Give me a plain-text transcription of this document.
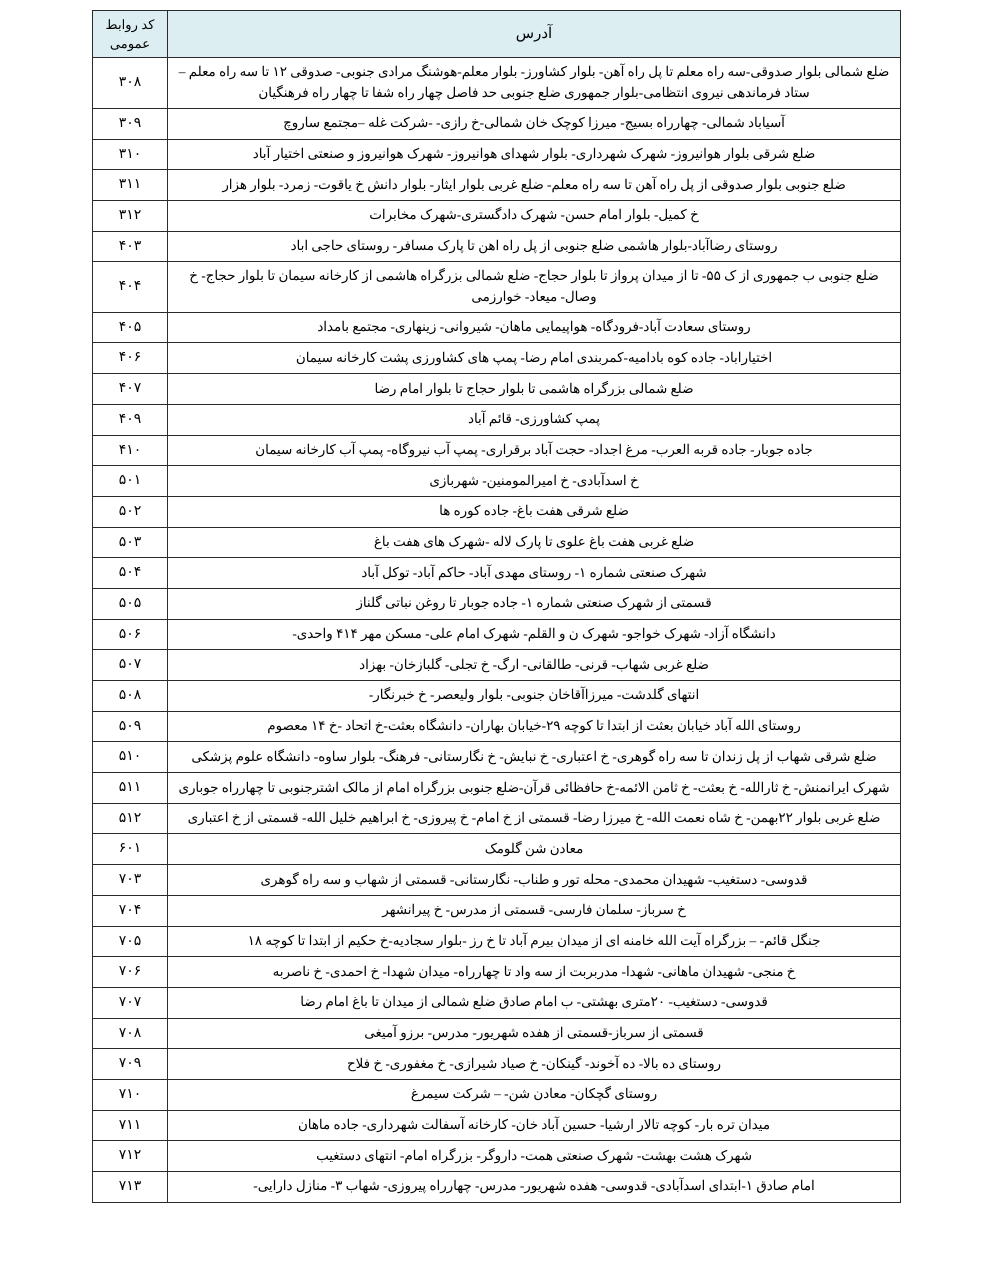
آدرس	کد روابط عمومی
ضلع شمالی بلوار صدوقی-سه راه معلم تا پل راه آهن- بلوار کشاورز- بلوار معلم-هوشنگ مرادی جنوبی- صدوقی ۱۲ تا سه راه معلم – ستاد فرماندهی نیروی انتظامی-بلوار جمهوری ضلع جنوبی حد فاصل چهار راه شفا تا چهار راه فرهنگیان	۳۰۸
آسیاباد شمالی- چهارراه بسیج- میرزا کوچک خان شمالی-خ رازی- -شرکت غله –مجتمع ساروچ	۳۰۹
ضلع شرقی بلوار هوانیروز- شهرک شهرداری- بلوار شهدای هوانیروز- شهرک هوانیروز و صنعتی اختیار آباد	۳۱۰
ضلع جنوبی بلوار صدوقی از پل راه آهن تا سه راه معلم- ضلع غربی بلوار ایثار- بلوار دانش خ یاقوت- زمرد- بلوار هزار	۳۱۱
خ کمیل- بلوار امام حسن- شهرک دادگستری-شهرک مخابرات	۳۱۲
روستای رضاآباد-بلوار هاشمی ضلع جنوبی از پل راه اهن تا پارک مسافر- روستای حاجی اباد	۴۰۳
ضلع جنوبی ب جمهوری از ک ۵۵- تا از میدان پرواز تا بلوار حجاج- ضلع شمالی بزرگراه هاشمی از کارخانه سیمان تا بلوار حجاج- خ وصال- میعاد- خوارزمی	۴۰۴
روستای سعادت آباد-فرودگاه- هواپیمایی ماهان- شیروانی- زینهاری- مجتمع بامداد	۴۰۵
اختیاراباد- جاده کوه بادامیه-کمربندی امام رضا- پمپ های کشاورزی پشت کارخانه سیمان	۴۰۶
ضلع شمالی بزرگراه هاشمی تا بلوار حجاج تا بلوار امام رضا	۴۰۷
پمپ کشاورزی- قائم آباد	۴۰۹
جاده جوبار- جاده قربه العرب- مرغ اجداد- حجت آباد برقراری- پمپ آب نیروگاه- پمپ آب کارخانه سیمان	۴۱۰
خ اسدآبادی- خ امیرالمومنین- شهربازی	۵۰۱
ضلع شرقی هفت باغ- جاده کوره ها	۵۰۲
ضلع غربی هفت باغ علوی تا پارک لاله -شهرک های هفت باغ	۵۰۳
شهرک صنعتی شماره ۱- روستای مهدی آباد- حاکم آباد- توکل آباد	۵۰۴
قسمتی از شهرک صنعتی شماره ۱- جاده جوبار تا روغن نباتی گلناز	۵۰۵
دانشگاه آزاد- شهرک خواجو- شهرک ن و القلم- شهرک امام علی- مسکن مهر ۴۱۴ واحدی-	۵۰۶
ضلع غربی شهاب- قرنی- طالقانی- ارگ- خ تجلی- گلبازخان- بهزاد	۵۰۷
انتهای گلدشت- میرزاآقاخان جنوبی- بلوار ولیعصر- خ خبرنگار-	۵۰۸
روستای الله آباد خیابان بعثت از ابتدا تا کوچه ۲۹-خیابان بهاران- دانشگاه بعثت-خ اتحاد -خ ۱۴ معصوم	۵۰۹
ضلع شرقی شهاب از پل زندان تا سه راه گوهری- خ اعتباری- خ نبایش- خ نگارستانی- فرهنگ- بلوار ساوه- دانشگاه علوم پزشکی	۵۱۰
شهرک ایرانمنش- خ ثارالله- خ بعثت- خ ثامن الائمه-خ حافظائی قرآن-ضلع جنوبی بزرگراه امام از مالک اشترجنوبی تا چهارراه جوباری	۵۱۱
ضلع غربی بلوار ۲۲بهمن- خ شاه نعمت الله- خ میرزا رضا- قسمتی از خ امام- خ پیروزی- خ ابراهیم خلیل الله- قسمتی از خ اعتباری	۵۱۲
معادن شن گلومک	۶۰۱
قدوسی- دستغیب- شهیدان محمدی- محله تور و طناب- نگارستانی- قسمتی از شهاب و سه راه گوهری	۷۰۳
خ سرباز- سلمان فارسی- قسمتی از مدرس- خ پیرانشهر	۷۰۴
جنگل قائم- – بزرگراه آیت الله خامنه ای از میدان بیرم آباد تا خ رز -بلوار سجادیه-خ حکیم از ابتدا تا کوچه ۱۸	۷۰۵
خ منجی- شهیدان ماهانی- شهدا- مدربربت از سه واد تا چهارراه- میدان شهدا- خ احمدی- خ ناصربه	۷۰۶
قدوسی- دستغیب- ۲۰متری بهشتی- ب امام صادق ضلع شمالی از میدان تا باغ امام رضا	۷۰۷
قسمتی از سرباز-قسمتی از هفده شهریور- مدرس- برزو آمیغی	۷۰۸
روستای ده بالا- ده آخوند- گینکان- خ صیاد شیرازی- خ مغفوری- خ فلاح	۷۰۹
روستای گچکان- معادن شن- – شرکت سیمرغ	۷۱۰
میدان تره بار- کوچه تالار ارشیا- حسین آباد خان- کارخانه آسفالت شهرداری- جاده ماهان	۷۱۱
شهرک هشت بهشت- شهرک صنعتی همت- داروگر- بزرگراه امام- انتهای دستغیب	۷۱۲
امام صادق ۱-ابتدای اسدآبادی- قدوسی- هفده شهریور- مدرس- چهارراه پیروزی- شهاب ۳- منازل دارایی-	۷۱۳
